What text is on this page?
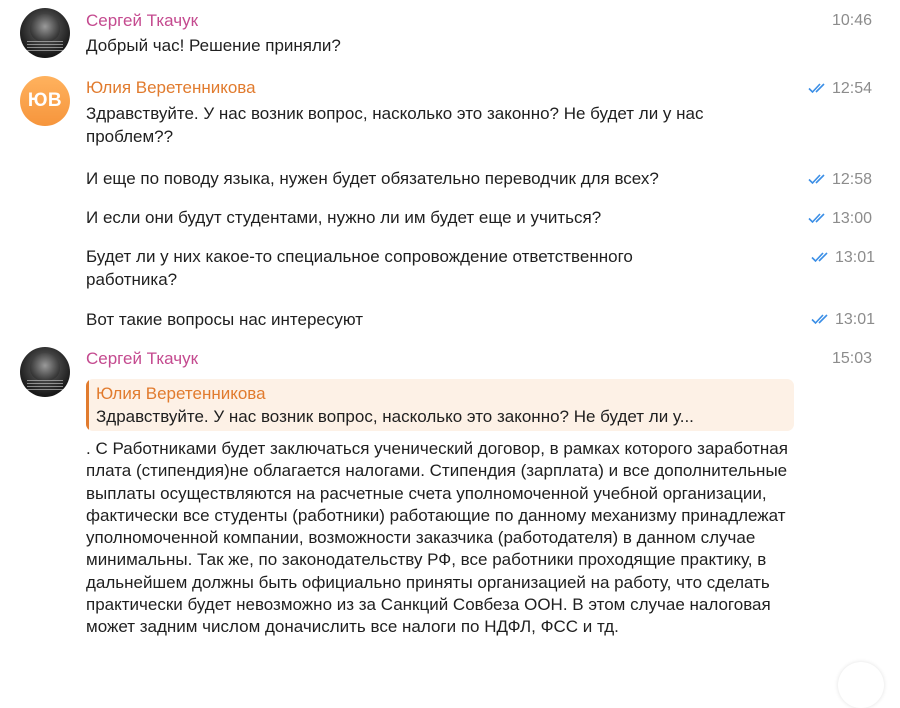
Сергей Ткачук	10:46
Добрый час! Решение приняли?
ЮВ
Юлия Веретенникова	12:54
Здравствуйте. У нас возник вопрос, насколько это законно? Не будет ли у нас
проблем??
12:58
И еще по поводу языка, нужен будет обязательно переводчик для всех?
13:00
И если они будут студентами, нужно ли им будет еще и учиться?
13:01
Будет ли у них какое-то специальное сопровождение ответственного
работника?
13:01
Вот такие вопросы нас интересуют
Сергей Ткачук	15:03
Юлия Веретенникова
Здравствуйте. У нас возник вопрос, насколько это законно? Не будет ли у...
. С Работниками будет заключаться ученический договор, в рамках которого заработная плата (стипендия)не облагается налогами. Стипендия (зарплата) и все дополнительные выплаты осуществляются на расчетные счета уполномоченной учебной организации, фактически все студенты (работники) работающие по данному механизму принадлежат уполномоченной компании, возможности заказчика (работодателя) в данном случае минимальны. Так же, по законодательству РФ, все работники проходящие практику, в дальнейшем должны быть официально приняты организацией на работу, что сделать практически будет невозможно из за Санкций Совбеза ООН. В этом случае налоговая может задним числом доначислить все налоги по НДФЛ, ФСС и тд.
